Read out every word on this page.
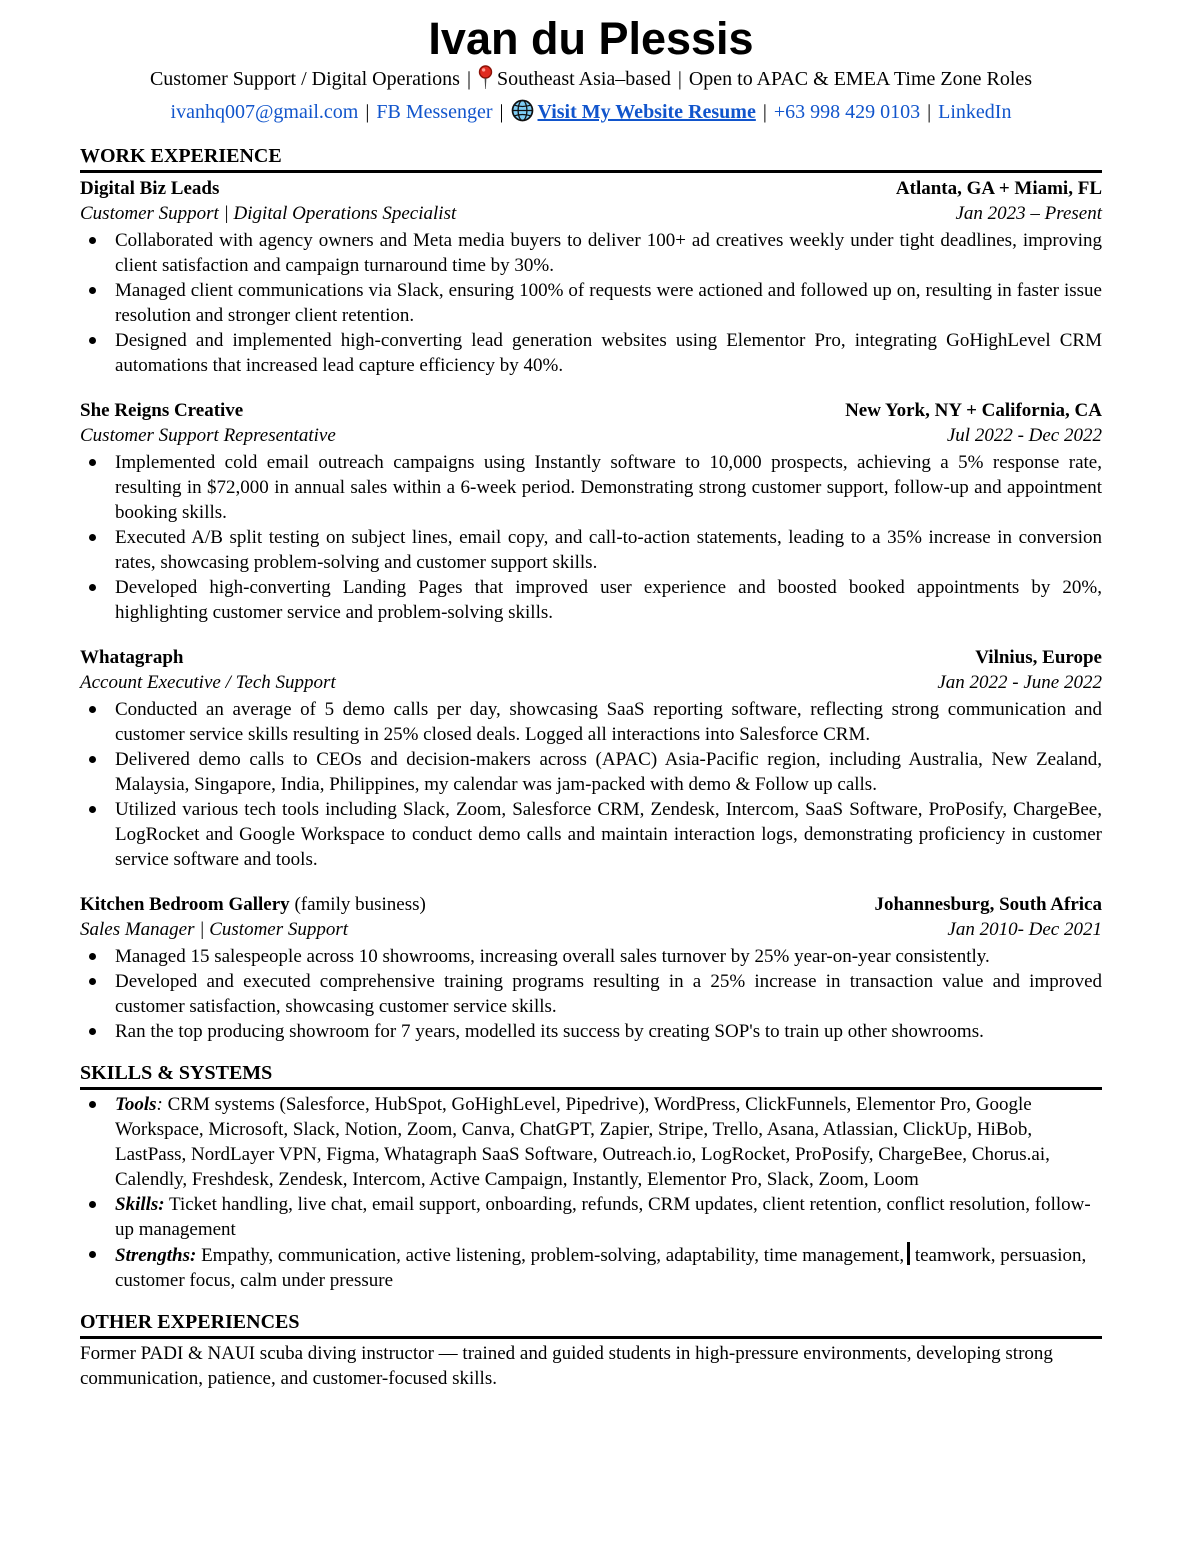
Ivan du Plessis
Customer Support / Digital Operations | Southeast Asia–based | Open to APAC & EMEA Time Zone Roles
ivanhq007@gmail.com | FB Messenger | Visit My Website Resume | +63 998 429 0103 | LinkedIn
WORK EXPERIENCE
Digital Biz Leads	Atlanta, GA + Miami, FL
Customer Support | Digital Operations Specialist	Jan 2023 – Present
Collaborated with agency owners and Meta media buyers to deliver 100+ ad creatives weekly under tight deadlines, improving client satisfaction and campaign turnaround time by 30%.
Managed client communications via Slack, ensuring 100% of requests were actioned and followed up on, resulting in faster issue resolution and stronger client retention.
Designed and implemented high-converting lead generation websites using Elementor Pro, integrating GoHighLevel CRM automations that increased lead capture efficiency by 40%.
She Reigns Creative	New York, NY + California, CA
Customer Support Representative	Jul 2022 - Dec 2022
Implemented cold email outreach campaigns using Instantly software to 10,000 prospects, achieving a 5% response rate, resulting in $72,000 in annual sales within a 6-week period. Demonstrating strong customer support, follow-up and appointment booking skills.
Executed A/B split testing on subject lines, email copy, and call-to-action statements, leading to a 35% increase in conversion rates, showcasing problem-solving and customer support skills.
Developed high-converting Landing Pages that improved user experience and boosted booked appointments by 20%, highlighting customer service and problem-solving skills.
Whatagraph	Vilnius, Europe
Account Executive / Tech Support	Jan 2022 - June 2022
Conducted an average of 5 demo calls per day, showcasing SaaS reporting software, reflecting strong communication and customer service skills resulting in 25% closed deals. Logged all interactions into Salesforce CRM.
Delivered demo calls to CEOs and decision-makers across (APAC) Asia-Pacific region, including Australia, New Zealand, Malaysia, Singapore, India, Philippines, my calendar was jam-packed with demo & Follow up calls.
Utilized various tech tools including Slack, Zoom, Salesforce CRM, Zendesk, Intercom, SaaS Software, ProPosify, ChargeBee, LogRocket and Google Workspace to conduct demo calls and maintain interaction logs, demonstrating proficiency in customer service software and tools.
Kitchen Bedroom Gallery (family business)	Johannesburg, South Africa
Sales Manager | Customer Support	Jan 2010- Dec 2021
Managed 15 salespeople across 10 showrooms, increasing overall sales turnover by 25% year-on-year consistently.
Developed and executed comprehensive training programs resulting in a 25% increase in transaction value and improved customer satisfaction, showcasing customer service skills.
Ran the top producing showroom for 7 years, modelled its success by creating SOP's to train up other showrooms.
SKILLS & SYSTEMS
Tools: CRM systems (Salesforce, HubSpot, GoHighLevel, Pipedrive), WordPress, ClickFunnels, Elementor Pro, Google Workspace, Microsoft, Slack, Notion, Zoom, Canva, ChatGPT, Zapier, Stripe, Trello, Asana, Atlassian, ClickUp, HiBob, LastPass, NordLayer VPN, Figma, Whatagraph SaaS Software, Outreach.io, LogRocket, ProPosify, ChargeBee, Chorus.ai, Calendly, Freshdesk, Zendesk, Intercom, Active Campaign, Instantly, Elementor Pro, Slack, Zoom, Loom
Skills: Ticket handling, live chat, email support, onboarding, refunds, CRM updates, client retention, conflict resolution, follow-up management
Strengths: Empathy, communication, active listening, problem-solving, adaptability, time management, teamwork, persuasion, customer focus, calm under pressure
OTHER EXPERIENCES

Former PADI & NAUI scuba diving instructor — trained and guided students in high-pressure environments, developing strong communication, patience, and customer-focused skills.
